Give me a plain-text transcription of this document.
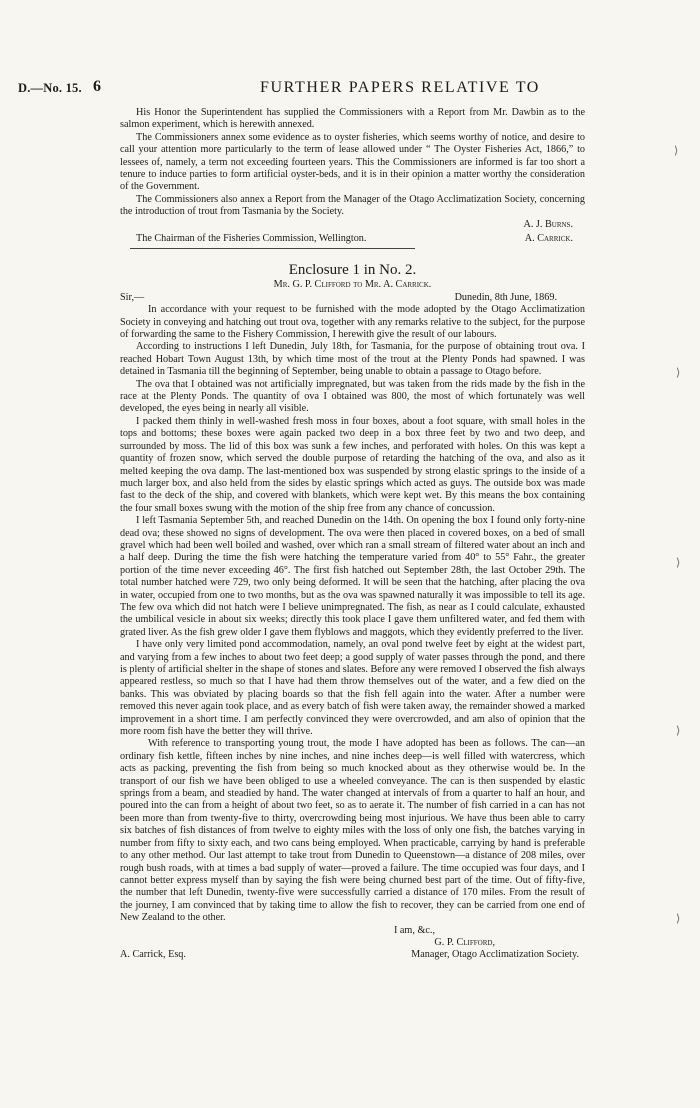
D.—No. 15. 6	FURTHER PAPERS RELATIVE TO

His Honor the Superintendent has supplied the Commissioners with a Report from Mr. Dawbin as to the salmon experiment, which is herewith annexed.

The Commissioners annex some evidence as to oyster fisheries, which seems worthy of notice, and desire to call your attention more particularly to the term of lease allowed under “ The Oyster Fisheries Act, 1866,” to lessees of, namely, a term not exceeding fourteen years. This the Commissioners are informed is far too short a tenure to induce parties to form artificial oyster-beds, and it is in their opinion a matter worthy the consideration of the Government.

The Commissioners also annex a Report from the Manager of the Otago Acclimatization Society, concerning the introduction of trout from Tasmania by the Society.

A. J. Burns.
The Chairman of the Fisheries Commission, Wellington.	A. Carrick.
Enclosure 1 in No. 2.
Mr. G. P. Clifford to Mr. A. Carrick.
Sir,—	Dunedin, 8th June, 1869.

In accordance with your request to be furnished with the mode adopted by the Otago Acclimatization Society in conveying and hatching out trout ova, together with any remarks relative to the subject, for the purpose of forwarding the same to the Fishery Commission, I herewith give the result of our labours.

According to instructions I left Dunedin, July 18th, for Tasmania, for the purpose of obtaining trout ova. I reached Hobart Town August 13th, by which time most of the trout at the Plenty Ponds had spawned. I was detained in Tasmania till the beginning of September, being unable to obtain a passage to Otago before.

The ova that I obtained was not artificially impregnated, but was taken from the rids made by the fish in the race at the Plenty Ponds. The quantity of ova I obtained was 800, the most of which fortunately was well developed, the eyes being in nearly all visible.

I packed them thinly in well-washed fresh moss in four boxes, about a foot square, with small holes in the tops and bottoms; these boxes were again packed two deep in a box three feet by two and two deep, and surrounded by moss. The lid of this box was sunk a few inches, and perforated with holes. On this was kept a quantity of frozen snow, which served the double purpose of retarding the hatching of the ova, and also as it melted keeping the ova damp. The last-mentioned box was suspended by strong elastic springs to the inside of a much larger box, and also held from the sides by elastic springs which acted as guys. The outside box was made fast to the deck of the ship, and covered with blankets, which were kept wet. By this means the box containing the four small boxes swung with the motion of the ship free from any chance of concussion.

I left Tasmania September 5th, and reached Dunedin on the 14th. On opening the box I found only forty-nine dead ova; these showed no signs of development. The ova were then placed in covered boxes, on a bed of small gravel which had been well boiled and washed, over which ran a small stream of filtered water about an inch and a half deep. During the time the fish were hatching the temperature varied from 40° to 55° Fahr., the greater portion of the time never exceeding 46°. The first fish hatched out September 28th, the last October 29th. The total number hatched were 729, two only being deformed. It will be seen that the hatching, after placing the ova in water, occupied from one to two months, but as the ova was spawned naturally it was impossible to tell its age. The few ova which did not hatch were I believe unimpregnated. The fish, as near as I could calculate, exhausted the umbilical vesicle in about six weeks; directly this took place I gave them unfiltered water, and fed them with grated liver. As the fish grew older I gave them flyblows and maggots, which they evidently preferred to the liver.

I have only very limited pond accommodation, namely, an oval pond twelve feet by eight at the widest part, and varying from a few inches to about two feet deep; a good supply of water passes through the pond, and there is plenty of artificial shelter in the shape of stones and slates. Before any were removed I observed the fish always appeared restless, so much so that I have had them throw themselves out of the water, and a few died on the banks. This was obviated by placing boards so that the fish fell again into the water. After a number were removed this never again took place, and as every batch of fish were taken away, the remainder showed a marked improvement in a short time. I am perfectly convinced they were overcrowded, and am also of opinion that the more room fish have the better they will thrive.

With reference to transporting young trout, the mode I have adopted has been as follows. The can—an ordinary fish kettle, fifteen inches by nine inches, and nine inches deep—is well filled with watercress, which acts as packing, preventing the fish from being so much knocked about as they otherwise would be. In the transport of our fish we have been obliged to use a wheeled conveyance. The can is then suspended by elastic springs from a beam, and steadied by hand. The water changed at intervals of from a quarter to half an hour, and poured into the can from a height of about two feet, so as to aerate it. The number of fish carried in a can has not been more than from twenty-five to thirty, overcrowding being most injurious. We have thus been able to carry six batches of fish distances of from twelve to eighty miles with the loss of only one fish, the batches varying in number from fifty to sixty each, and two cans being employed. When practicable, carrying by hand is preferable to any other method. Our last attempt to take trout from Dunedin to Queenstown—a distance of 208 miles, over rough bush roads, with at times a bad supply of water—proved a failure. The time occupied was four days, and I cannot better express myself than by saying the fish were being churned best part of the time. Out of fifty-five, the number that left Dunedin, twenty-five were successfully carried a distance of 170 miles. From the result of the journey, I am convinced that by taking time to allow the fish to recover, they can be carried from one end of New Zealand to the other.

I am, &c.,
G. P. Clifford,
A. Carrick, Esq.	Manager, Otago Acclimatization Society.
⟩
⟩
⟩
⟩
⟩
